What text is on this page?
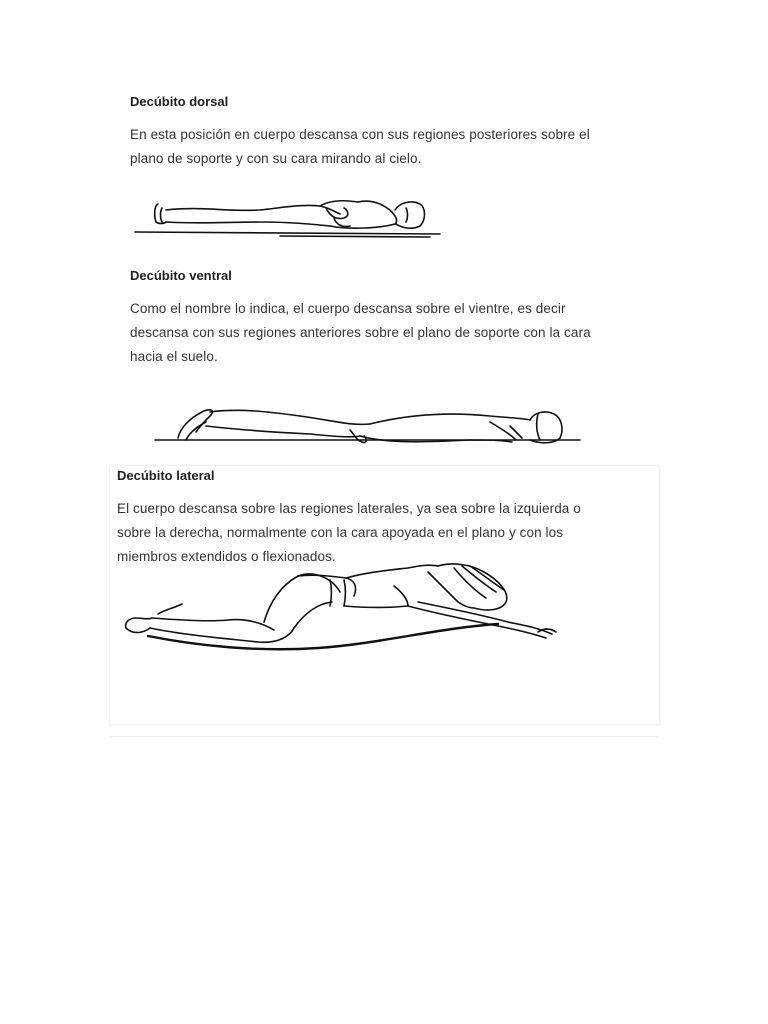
Decúbito dorsal

En esta posición en cuerpo descansa con sus regiones posteriores sobre el

plano de soporte y con su cara mirando al cielo.

Decúbito ventral

Como el nombre lo indica, el cuerpo descansa sobre el vientre, es decir

descansa con sus regiones anteriores sobre el plano de soporte con la cara

hacia el suelo.

Decúbito lateral

El cuerpo descansa sobre las regiones laterales, ya sea sobre la izquierda o

sobre la derecha, normalmente con la cara apoyada en el plano y con los

miembros extendidos o flexionados.
